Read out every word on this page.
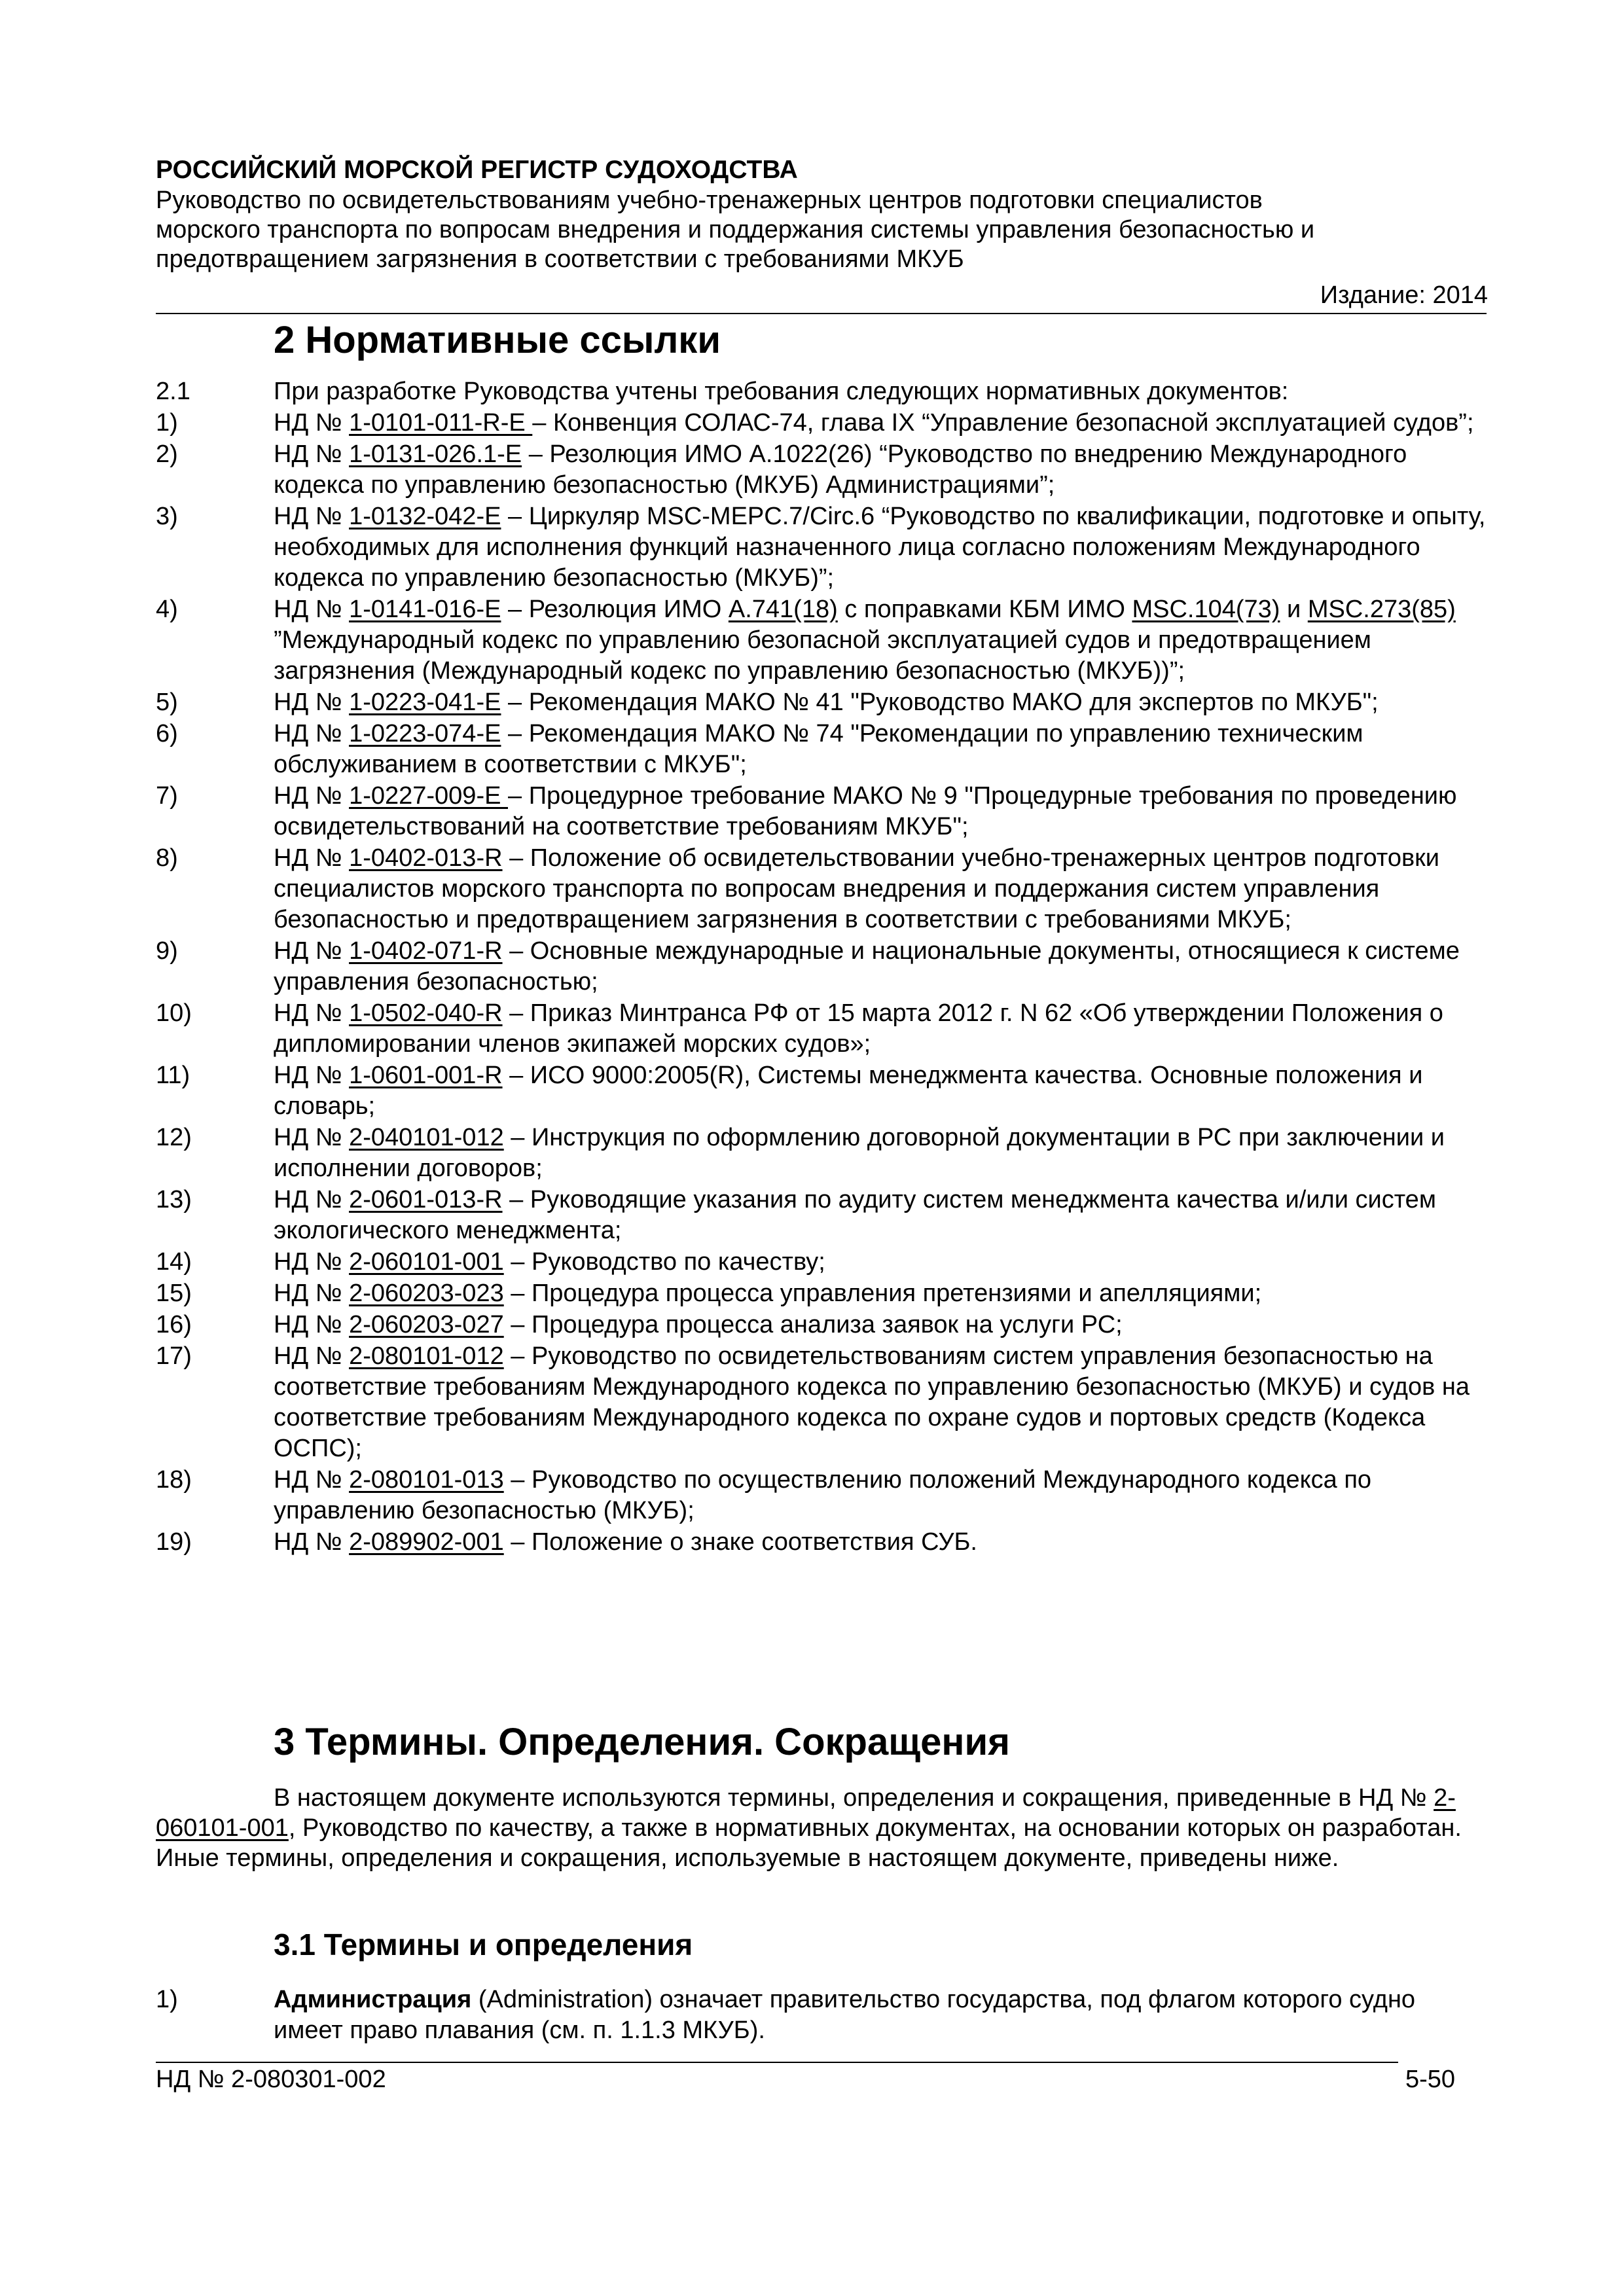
РОССИЙСКИЙ МОРСКОЙ РЕГИСТР СУДОХОДСТВА
Руководство по освидетельствованиям учебно-тренажерных центров подготовки специалистов
морского транспорта по вопросам внедрения и поддержания системы управления безопасностью и
предотвращением загрязнения в соответствии с требованиями МКУБ
Издание: 2014
2 Нормативные ссылки
2.1	При разработке Руководства учтены требования следующих нормативных документов:
1)	НД № 1-0101-011-R-E – Конвенция СОЛАС-74, глава IX “Управление безопасной эксплуатацией судов”;
2)	НД № 1-0131-026.1-E – Резолюция ИМО А.1022(26) “Руководство по внедрению Международного кодекса по управлению безопасностью (МКУБ) Администрациями”;
3)	НД № 1-0132-042-E – Циркуляр MSC-MEPC.7/Circ.6 “Руководство по квалификации, подготовке и опыту, необходимых для исполнения функций назначенного лица согласно положениям Международного кодекса по управлению безопасностью (МКУБ)”;
4)	НД № 1-0141-016-E – Резолюция ИМО A.741(18) с поправками КБМ ИМО MSC.104(73) и MSC.273(85) ”Международный кодекс по управлению безопасной эксплуатацией судов и предотвращением загрязнения (Международный кодекс по управлению безопасностью (МКУБ))”;
5)	НД № 1-0223-041-E – Рекомендация МАКО № 41 "Руководство МАКО для экспертов по МКУБ";
6)	НД № 1-0223-074-E – Рекомендация МАКО № 74 "Рекомендации по управлению техническим обслуживанием в соответствии с МКУБ";
7)	НД № 1-0227-009-E – Процедурное требование МАКО № 9 "Процедурные требования по проведению освидетельствований на соответствие требованиям МКУБ";
8)	НД № 1-0402-013-R – Положение об освидетельствовании учебно-тренажерных центров подготовки специалистов морского транспорта по вопросам внедрения и поддержания систем управления безопасностью и предотвращением загрязнения в соответствии с требованиями МКУБ;
9)	НД № 1-0402-071-R – Основные международные и национальные документы, относящиеся к системе управления безопасностью;
10)	НД № 1-0502-040-R – Приказ Минтранса РФ от 15 марта 2012 г. N 62 «Об утверждении Положения о дипломировании членов экипажей морских судов»;
11)	НД № 1-0601-001-R – ИСО 9000:2005(R), Системы менеджмента качества. Основные положения и словарь;
12)	НД № 2-040101-012 – Инструкция по оформлению договорной документации в РС при заключении и исполнении договоров;
13)	НД № 2-0601-013-R – Руководящие указания по аудиту систем менеджмента качества и/или систем экологического менеджмента;
14)	НД № 2-060101-001 – Руководство по качеству;
15)	НД № 2-060203-023 – Процедура процесса управления претензиями и апелляциями;
16)	НД № 2-060203-027 – Процедура процесса анализа заявок на услуги РС;
17)	НД № 2-080101-012 – Руководство по освидетельствованиям систем управления безопасностью на соответствие требованиям Международного кодекса по управлению безопасностью (МКУБ) и судов на соответствие требованиям Международного кодекса по охране судов и портовых средств (Кодекса ОСПС);
18)	НД № 2-080101-013 – Руководство по осуществлению положений Международного кодекса по управлению безопасностью (МКУБ);
19)	НД № 2-089902-001 – Положение о знаке соответствия СУБ.
3 Термины. Определения. Сокращения
В настоящем документе используются термины, определения и сокращения, приведенные в НД № 2-060101-001, Руководство по качеству, а также в нормативных документах, на основании которых он разработан. Иные термины, определения и сокращения, используемые в настоящем документе, приведены ниже.
3.1 Термины и определения
1)	Администрация (Administration) означает правительство государства, под флагом которого судно имеет право плавания (см. п. 1.1.3 МКУБ).
НД № 2-080301-002	5-50
